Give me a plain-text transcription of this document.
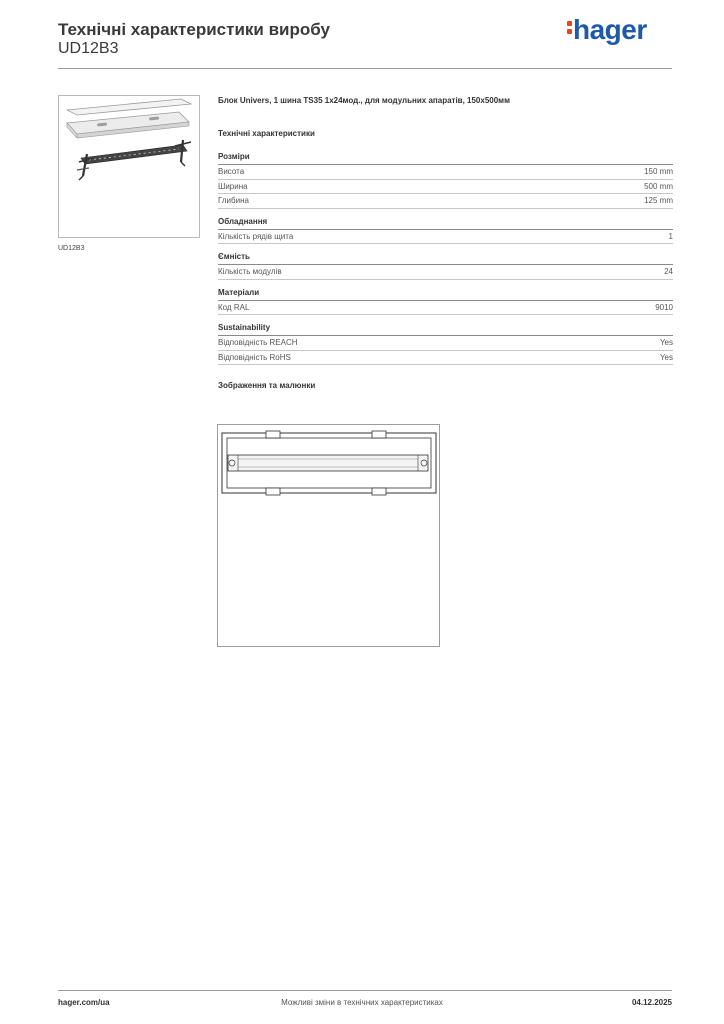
Технічні характеристики виробу
UD12B3
hager
UD12B3
Блок Univers, 1 шина TS35 1x24мод., для модульних апаратів, 150x500мм
Технічні характеристики
Розміри
Висота	150 mm
Ширина	500 mm
Глибина	125 mm
Обладнання
Кількість рядів щита	1
Ємність
Кількість модулів	24
Матеріали
Код RAL	9010
Sustainability
Відповідність REACH	Yes
Відповідність RoHS	Yes
Зображення та малюнки
hager.com/ua	Можливі зміни в технічних характеристиках	04.12.2025
